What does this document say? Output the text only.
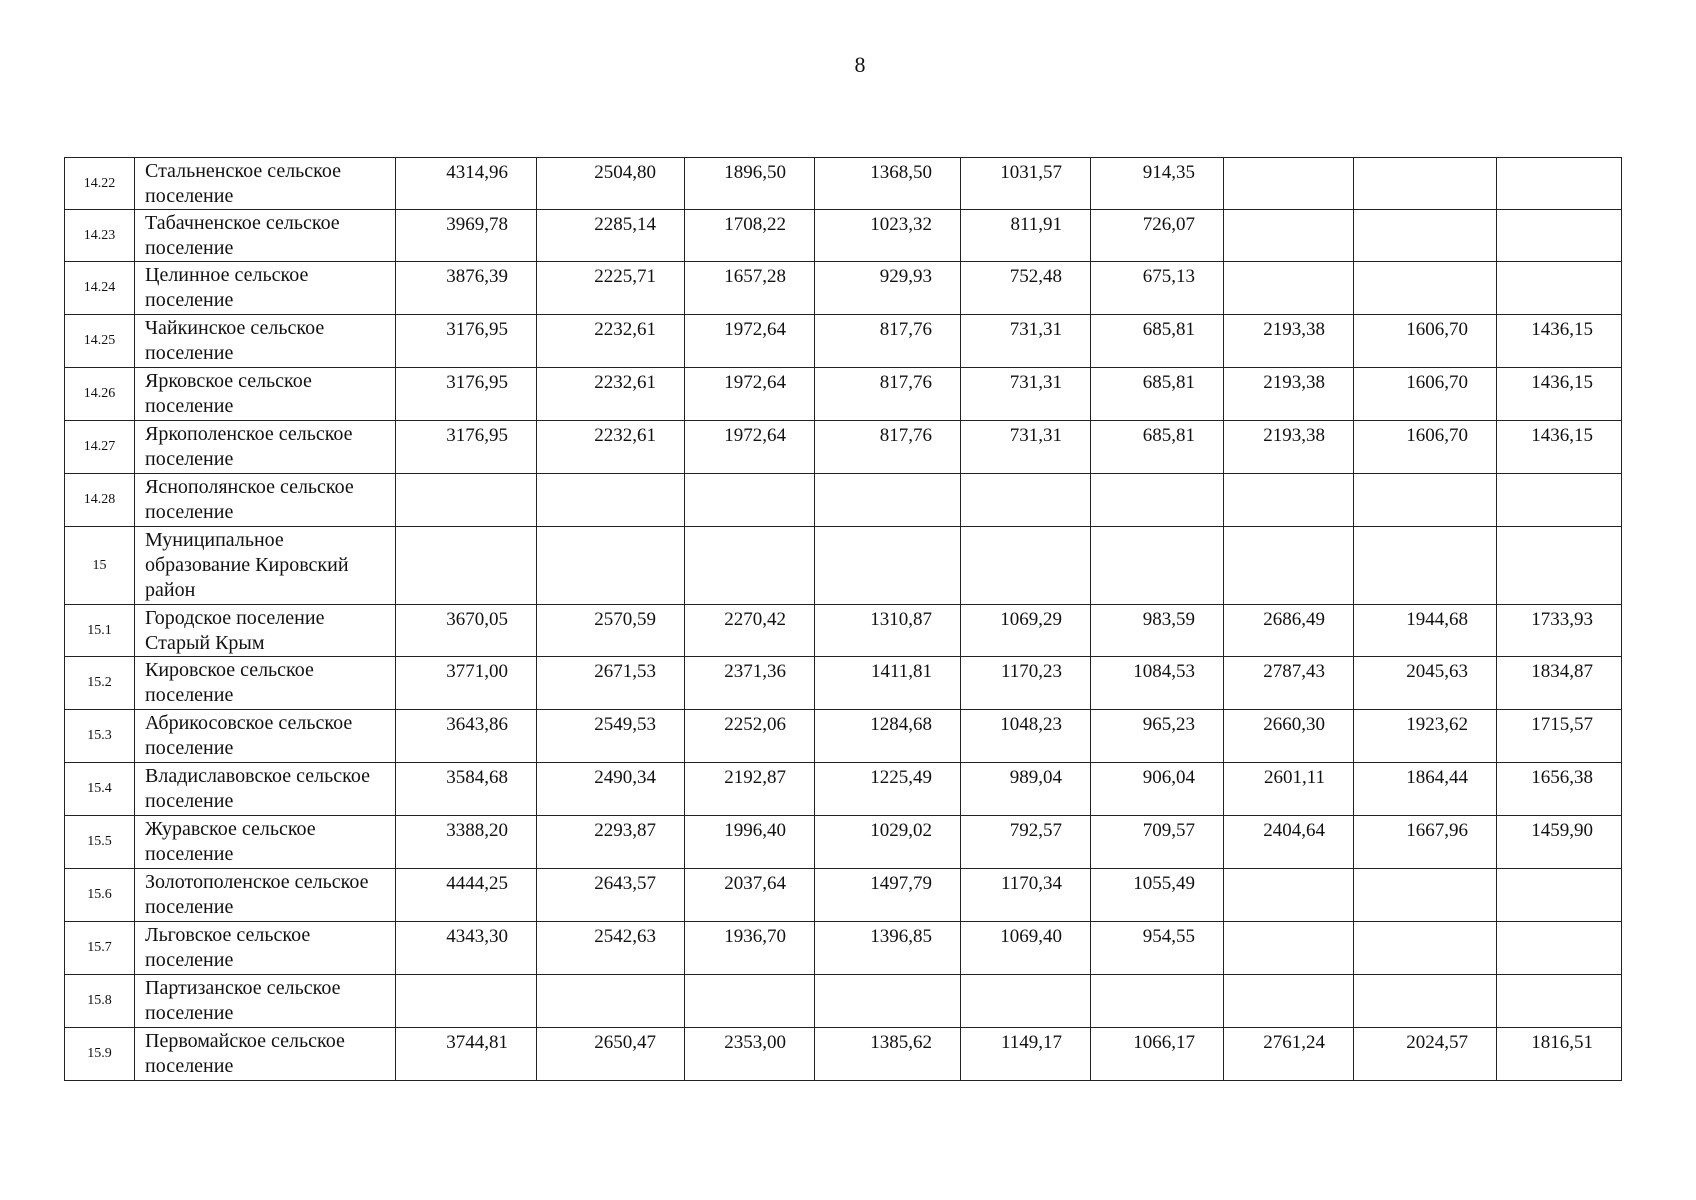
8
14.22	Стальненское сельское поселение	4314,96	2504,80	1896,50	1368,50	1031,57	914,35			
14.23	Табачненское сельское поселение	3969,78	2285,14	1708,22	1023,32	811,91	726,07			
14.24	Целинное сельское поселение	3876,39	2225,71	1657,28	929,93	752,48	675,13			
14.25	Чайкинское сельское поселение	3176,95	2232,61	1972,64	817,76	731,31	685,81	2193,38	1606,70	1436,15
14.26	Ярковское сельское поселение	3176,95	2232,61	1972,64	817,76	731,31	685,81	2193,38	1606,70	1436,15
14.27	Яркополенское сельское поселение	3176,95	2232,61	1972,64	817,76	731,31	685,81	2193,38	1606,70	1436,15
14.28	Яснополянское сельское поселение									
15	Муниципальное образование Кировский район									
15.1	Городское поселение Старый Крым	3670,05	2570,59	2270,42	1310,87	1069,29	983,59	2686,49	1944,68	1733,93
15.2	Кировское сельское поселение	3771,00	2671,53	2371,36	1411,81	1170,23	1084,53	2787,43	2045,63	1834,87
15.3	Абрикосовское сельское поселение	3643,86	2549,53	2252,06	1284,68	1048,23	965,23	2660,30	1923,62	1715,57
15.4	Владиславовское сельское поселение	3584,68	2490,34	2192,87	1225,49	989,04	906,04	2601,11	1864,44	1656,38
15.5	Журавское сельское поселение	3388,20	2293,87	1996,40	1029,02	792,57	709,57	2404,64	1667,96	1459,90
15.6	Золотополенское сельское поселение	4444,25	2643,57	2037,64	1497,79	1170,34	1055,49			
15.7	Льговское сельское поселение	4343,30	2542,63	1936,70	1396,85	1069,40	954,55			
15.8	Партизанское сельское поселение									
15.9	Первомайское сельское поселение	3744,81	2650,47	2353,00	1385,62	1149,17	1066,17	2761,24	2024,57	1816,51
